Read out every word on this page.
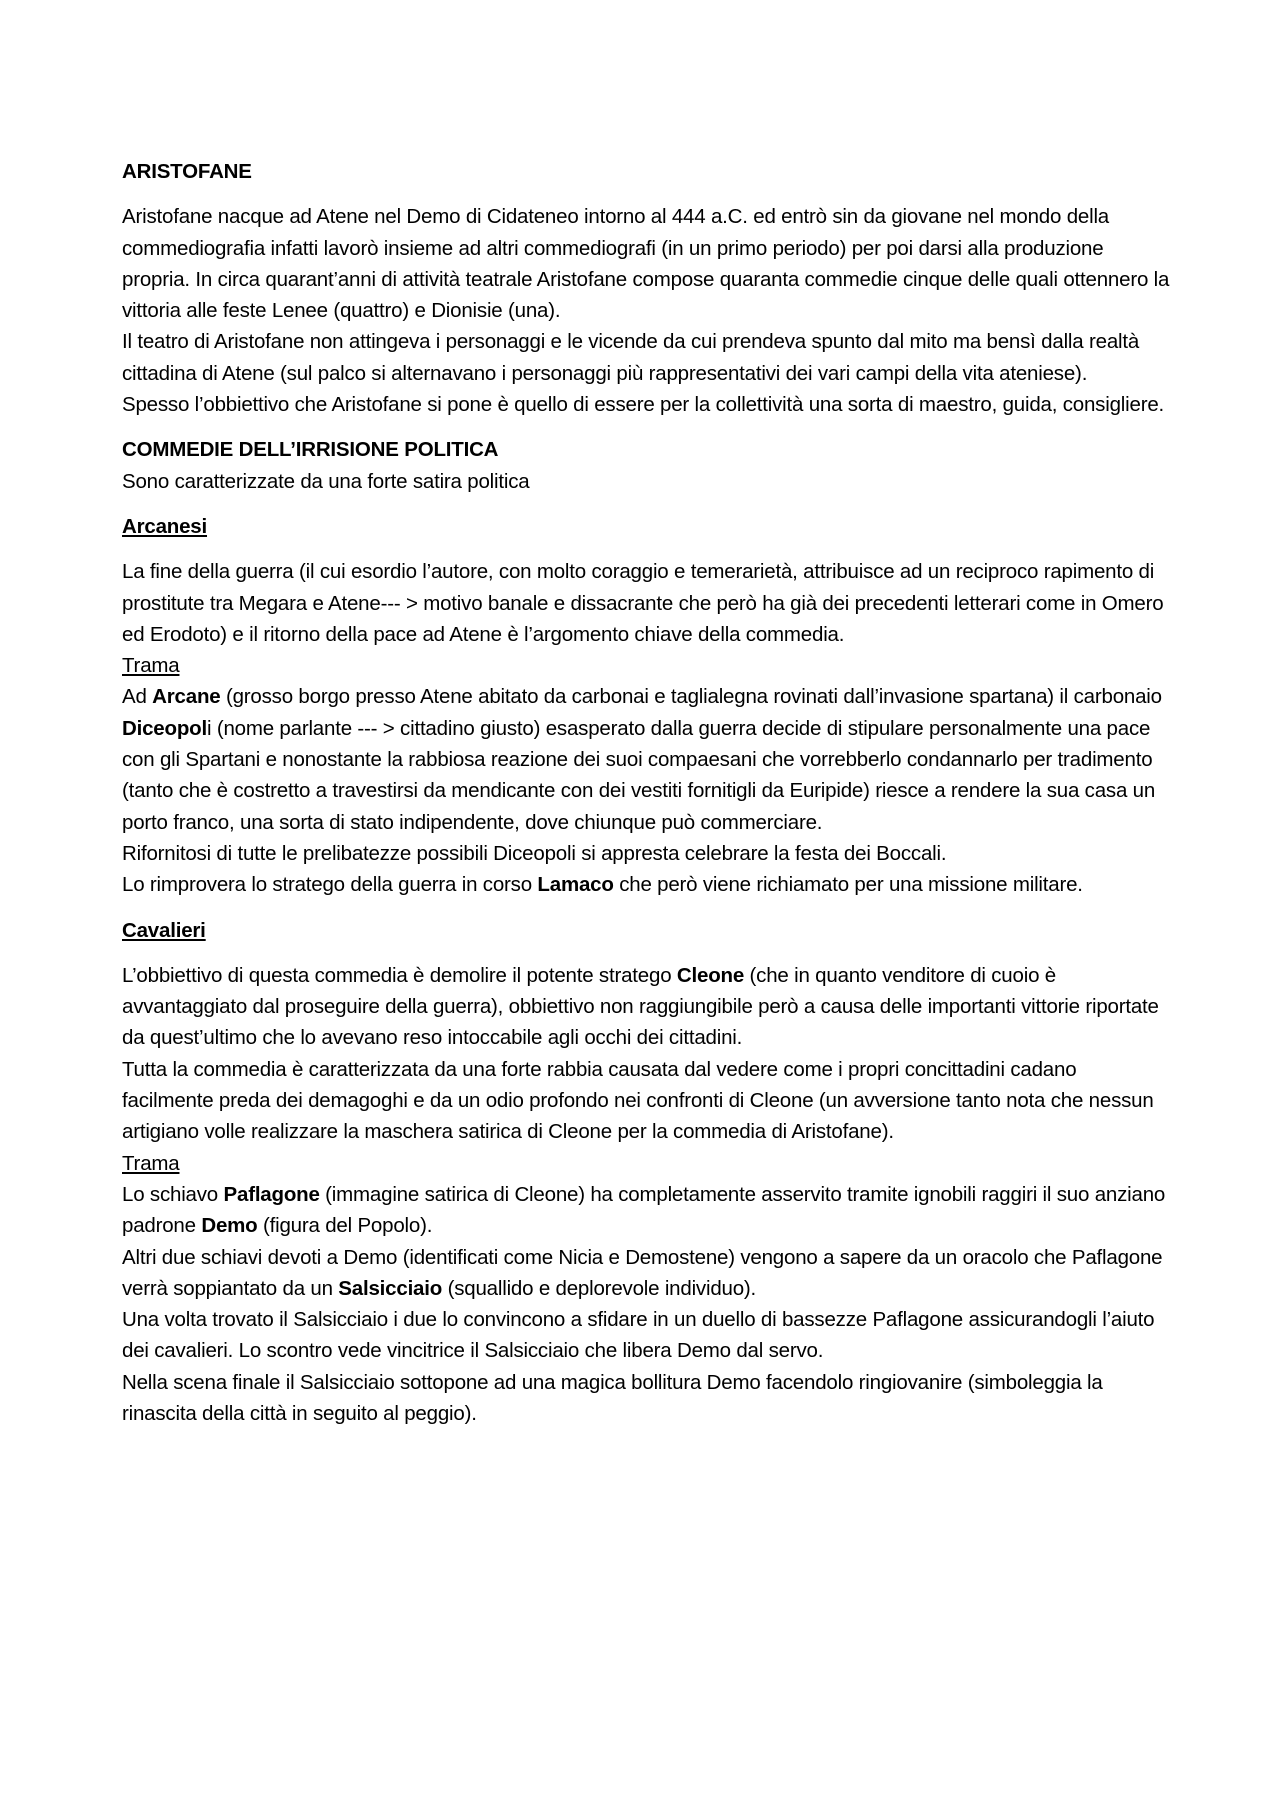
ARISTOFANE

Aristofane nacque ad Atene nel Demo di Cidateneo intorno al 444 a.C. ed entrò sin da giovane nel mondo della commediografia infatti lavorò insieme ad altri commediografi (in un primo periodo) per poi darsi alla produzione propria. In circa quarant’anni di attività teatrale Aristofane compose quaranta commedie cinque delle quali ottennero la vittoria alle feste Lenee (quattro) e Dionisie (una).

Il teatro di Aristofane non attingeva i personaggi e le vicende da cui prendeva spunto dal mito ma bensì dalla realtà cittadina di Atene (sul palco si alternavano i personaggi più rappresentativi dei vari campi della vita ateniese).

Spesso l’obbiettivo che Aristofane si pone è quello di essere per la collettività una sorta di maestro, guida, consigliere.

COMMEDIE DELL’IRRISIONE POLITICA

Sono caratterizzate da una forte satira politica

Arcanesi

La fine della guerra (il cui esordio l’autore, con molto coraggio e temerarietà, attribuisce ad un reciproco rapimento di prostitute tra Megara e Atene--- > motivo banale e dissacrante che però ha già dei precedenti letterari come in Omero ed Erodoto) e il ritorno della pace ad Atene è l’argomento chiave della commedia.

Trama

Ad Arcane (grosso borgo presso Atene abitato da carbonai e taglialegna rovinati dall’invasione spartana) il carbonaio Diceopoli (nome parlante --- > cittadino giusto) esasperato dalla guerra decide di stipulare personalmente una pace con gli Spartani e nonostante la rabbiosa reazione dei suoi compaesani che vorrebberlo condannarlo per tradimento (tanto che è costretto a travestirsi da mendicante con dei vestiti fornitigli da Euripide) riesce a rendere la sua casa un porto franco, una sorta di stato indipendente, dove chiunque può commerciare.

Rifornitosi di tutte le prelibatezze possibili Diceopoli si appresta celebrare la festa dei Boccali.

Lo rimprovera lo stratego della guerra in corso Lamaco che però viene richiamato per una missione militare.

Cavalieri

L’obbiettivo di questa commedia è demolire il potente stratego Cleone (che in quanto venditore di cuoio è avvantaggiato dal proseguire della guerra), obbiettivo non raggiungibile però a causa delle importanti vittorie riportate da quest’ultimo che lo avevano reso intoccabile agli occhi dei cittadini.

Tutta la commedia è caratterizzata da una forte rabbia causata dal vedere come i propri concittadini cadano facilmente preda dei demagoghi e da un odio profondo nei confronti di Cleone (un avversione tanto nota che nessun artigiano volle realizzare la maschera satirica di Cleone per la commedia di Aristofane).

Trama

Lo schiavo Paflagone (immagine satirica di Cleone) ha completamente asservito tramite ignobili raggiri il suo anziano padrone Demo (figura del Popolo).

Altri due schiavi devoti a Demo (identificati come Nicia e Demostene) vengono a sapere da un oracolo che Paflagone verrà soppiantato da un Salsicciaio (squallido e deplorevole individuo).

Una volta trovato il Salsicciaio i due lo convincono a sfidare in un duello di bassezze Paflagone assicurandogli l’aiuto dei cavalieri. Lo scontro vede vincitrice il Salsicciaio che libera Demo dal servo.

Nella scena finale il Salsicciaio sottopone ad una magica bollitura Demo facendolo ringiovanire (simboleggia la rinascita della città in seguito al peggio).
